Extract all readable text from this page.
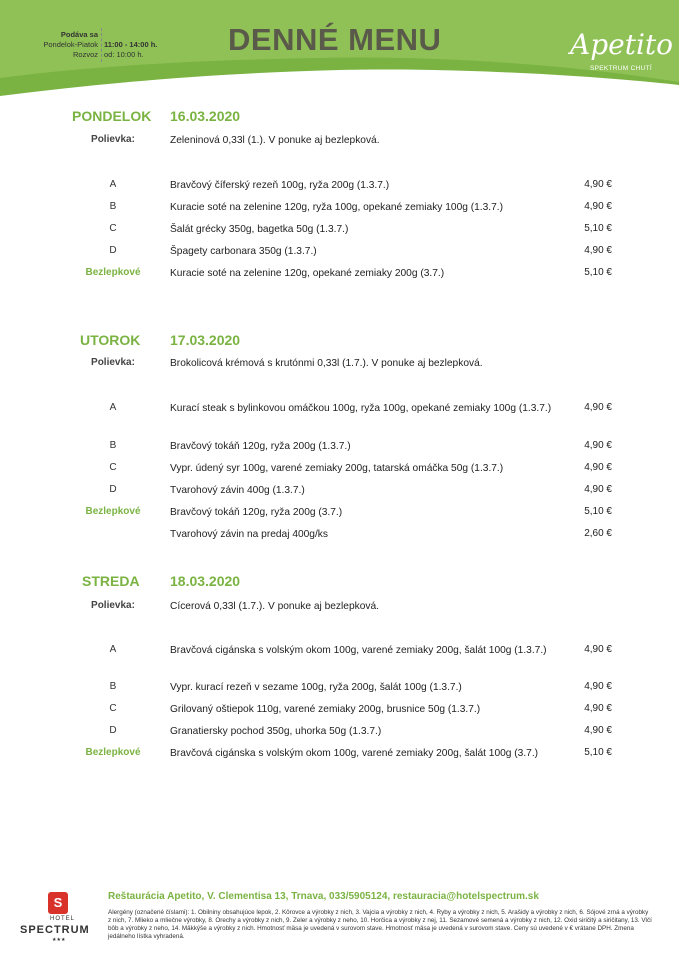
Podáva sa
Pondelok-Piatok
Rozvoz
11:00 - 14:00 h.
od: 10:00 h.	DENNÉ MENU	Apetito
SPEKTRUM CHUTÍ
PONDELOK 16.03.2020
Polievka:	Zeleninová 0,33l (1.). V ponuke aj bezlepková.
A	Bravčový číferský rezeň 100g, ryža 200g (1.3.7.)	4,90 €
B	Kuracie soté na zelenine 120g, ryža 100g, opekané zemiaky 100g (1.3.7.)	4,90 €
C	Šalát grécky 350g, bagetka 50g (1.3.7.)	5,10 €
D	Špagety carbonara 350g (1.3.7.)	4,90 €
Bezlepkové	Kuracie soté na zelenine 120g, opekané zemiaky 200g (3.7.)	5,10 €
UTOROK 17.03.2020
Polievka:	Brokolicová krémová s krutónmi 0,33l (1.7.). V ponuke aj bezlepková.
A	Kurací steak s bylinkovou omáčkou 100g, ryža 100g, opekané zemiaky 100g (1.3.7.)	4,90 €
B	Bravčový tokáň 120g, ryža 200g (1.3.7.)	4,90 €
C	Vypr. údený syr 100g, varené zemiaky 200g, tatarská omáčka 50g (1.3.7.)	4,90 €
D	Tvarohový závin 400g (1.3.7.)	4,90 €
Bezlepkové	Bravčový tokáň 120g, ryža 200g (3.7.)	5,10 €
Tvarohový závin na predaj 400g/ks	2,60 €
STREDA 18.03.2020
Polievka:	Cícerová 0,33l (1.7.). V ponuke aj bezlepková.
A	Bravčová cigánska s volským okom 100g, varené zemiaky 200g, šalát 100g (1.3.7.)	4,90 €
B	Vypr. kurací rezeň v sezame 100g, ryža 200g, šalát 100g (1.3.7.)	4,90 €
C	Grilovaný oštiepok 110g, varené zemiaky 200g, brusnice 50g (1.3.7.)	4,90 €
D	Granatiersky pochod 350g, uhorka 50g (1.3.7.)	4,90 €
Bezlepkové	Bravčová cigánska s volským okom 100g, varené zemiaky 200g, šalát 100g (3.7.)	5,10 €
S
HOTEL
SPECTRUM
★★★
Reštaurácia Apetito, V. Clementisa 13, Trnava, 033/5905124, restauracia@hotelspectrum.sk
Alergény (označené číslami): 1. Obilniny obsahujúce lepok, 2. Kôrovce a výrobky z nich, 3. Vajcia a výrobky z nich, 4. Ryby a výrobky z nich, 5. Arašidy a výrobky z nich, 6. Sójové zrná a výrobky z nich, 7. Mlieko a mliečne výrobky, 8. Orechy a výrobky z nich, 9. Zeler a výrobky z neho, 10. Horčica a výrobky z nej, 11. Sezamové semená a výrobky z nich, 12. Oxid siričitý a siričitany, 13. Vlčí bôb a výrobky z neho, 14. Mäkkýše a výrobky z nich. Hmotnosť mäsa je uvedená v surovom stave. Hmotnosť mäsa je uvedená v surovom stave. Ceny sú uvedené v € vrátane DPH. Zmena jedálneho lístka vyhradená.
